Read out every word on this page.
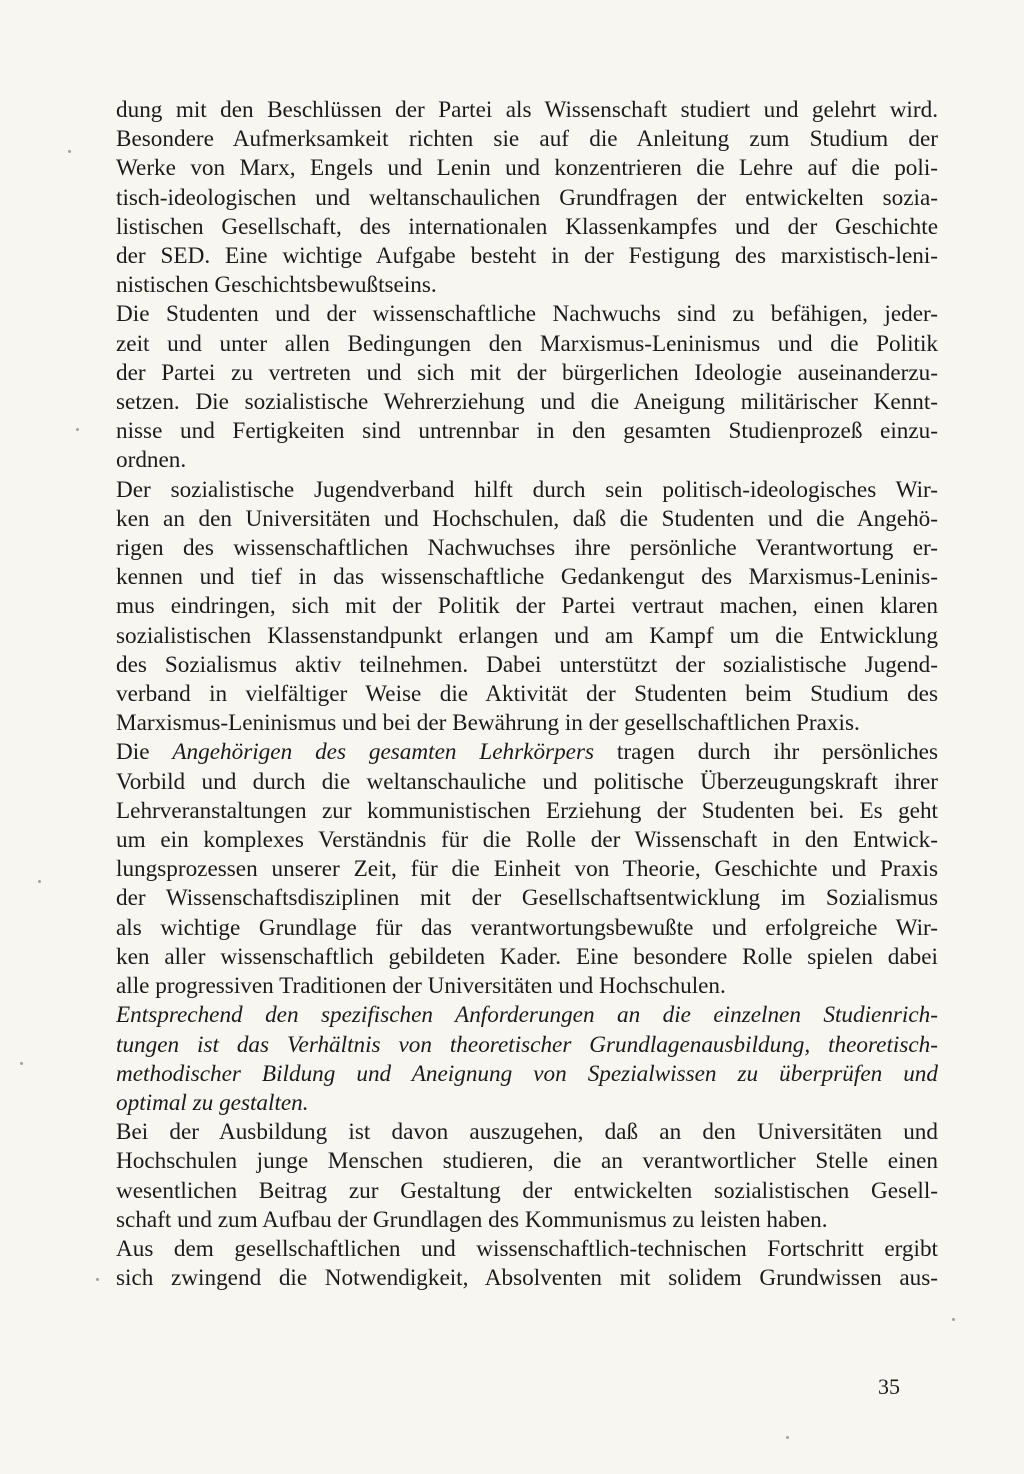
dung mit den Beschlüssen der Partei als Wissenschaft studiert und gelehrt wird.
Besondere Aufmerksamkeit richten sie auf die Anleitung zum Studium der
Werke von Marx, Engels und Lenin und konzentrieren die Lehre auf die poli-
tisch-ideologischen und weltanschaulichen Grundfragen der entwickelten sozia-
listischen Gesellschaft, des internationalen Klassenkampfes und der Geschichte
der SED. Eine wichtige Aufgabe besteht in der Festigung des marxistisch-leni-
nistischen Geschichtsbewußtseins.
Die Studenten und der wissenschaftliche Nachwuchs sind zu befähigen, jeder-
zeit und unter allen Bedingungen den Marxismus-Leninismus und die Politik
der Partei zu vertreten und sich mit der bürgerlichen Ideologie auseinanderzu-
setzen. Die sozialistische Wehrerziehung und die Aneigung militärischer Kennt-
nisse und Fertigkeiten sind untrennbar in den gesamten Studienprozeß einzu-
ordnen.
Der sozialistische Jugendverband hilft durch sein politisch-ideologisches Wir-
ken an den Universitäten und Hochschulen, daß die Studenten und die Angehö-
rigen des wissenschaftlichen Nachwuchses ihre persönliche Verantwortung er-
kennen und tief in das wissenschaftliche Gedankengut des Marxismus-Leninis-
mus eindringen, sich mit der Politik der Partei vertraut machen, einen klaren
sozialistischen Klassenstandpunkt erlangen und am Kampf um die Entwicklung
des Sozialismus aktiv teilnehmen. Dabei unterstützt der sozialistische Jugend-
verband in vielfältiger Weise die Aktivität der Studenten beim Studium des
Marxismus-Leninismus und bei der Bewährung in der gesellschaftlichen Praxis.
Die Angehörigen des gesamten Lehrkörpers tragen durch ihr persönliches
Vorbild und durch die weltanschauliche und politische Überzeugungskraft ihrer
Lehrveranstaltungen zur kommunistischen Erziehung der Studenten bei. Es geht
um ein komplexes Verständnis für die Rolle der Wissenschaft in den Entwick-
lungsprozessen unserer Zeit, für die Einheit von Theorie, Geschichte und Praxis
der Wissenschaftsdisziplinen mit der Gesellschaftsentwicklung im Sozialismus
als wichtige Grundlage für das verantwortungsbewußte und erfolgreiche Wir-
ken aller wissenschaftlich gebildeten Kader. Eine besondere Rolle spielen dabei
alle progressiven Traditionen der Universitäten und Hochschulen.
Entsprechend den spezifischen Anforderungen an die einzelnen Studienrich-
tungen ist das Verhältnis von theoretischer Grundlagenausbildung, theoretisch-
methodischer Bildung und Aneignung von Spezialwissen zu überprüfen und
optimal zu gestalten.
Bei der Ausbildung ist davon auszugehen, daß an den Universitäten und
Hochschulen junge Menschen studieren, die an verantwortlicher Stelle einen
wesentlichen Beitrag zur Gestaltung der entwickelten sozialistischen Gesell-
schaft und zum Aufbau der Grundlagen des Kommunismus zu leisten haben.
Aus dem gesellschaftlichen und wissenschaftlich-technischen Fortschritt ergibt
sich zwingend die Notwendigkeit, Absolventen mit solidem Grundwissen aus-
35
